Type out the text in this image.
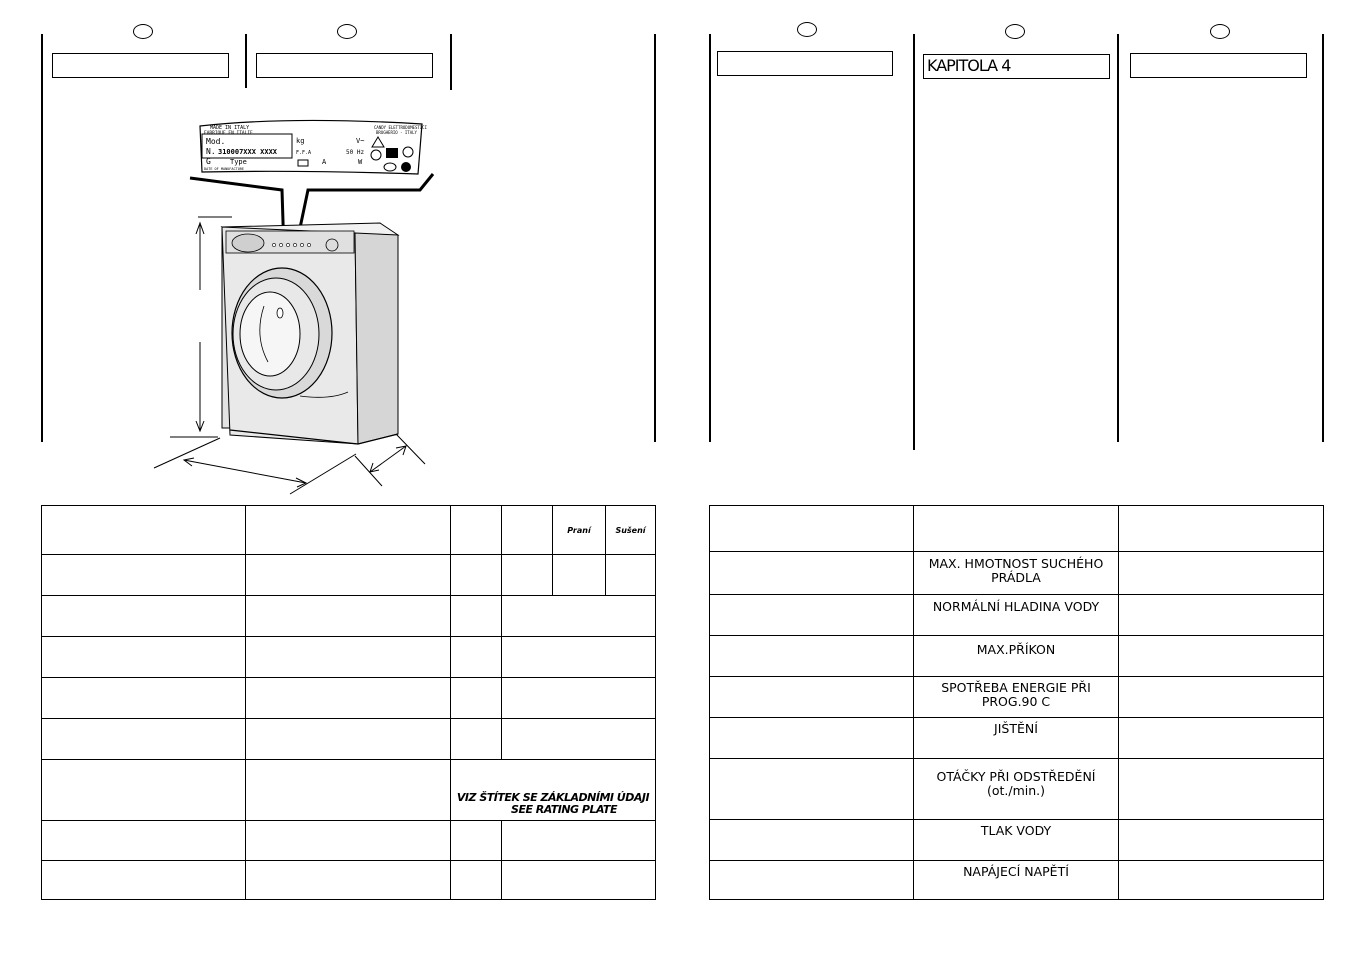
KAPITOLA 4
MADE IN ITALY
FABRIQUE EN ITALIE
CANDY ELETTRODOMESTICI
BRUGHERIO - ITALY
Mod.
N. 310007XXX XXXX
G	Type
kg
F.F.A
A
V~
50 Hz
W
DATE OF MANUFACTURE
				Praní	Sušení

		VIZ ŠTÍTEK SE ZÁKLADNÍMI ÚDAJI
SEE RATING PLATE			

	MAX. HMOTNOST SUCHÉHO PRÁDLA	
	NORMÁLNÍ HLADINA VODY	
	MAX.PŘÍKON	
	SPOTŘEBA ENERGIE PŘI PROG.90 C	
	JIŠTĚNÍ	
	OTÁČKY PŘI ODSTŘEDĚNÍ (ot./min.)	
	TLAK VODY	
	NAPÁJECÍ NAPĚTÍ	
